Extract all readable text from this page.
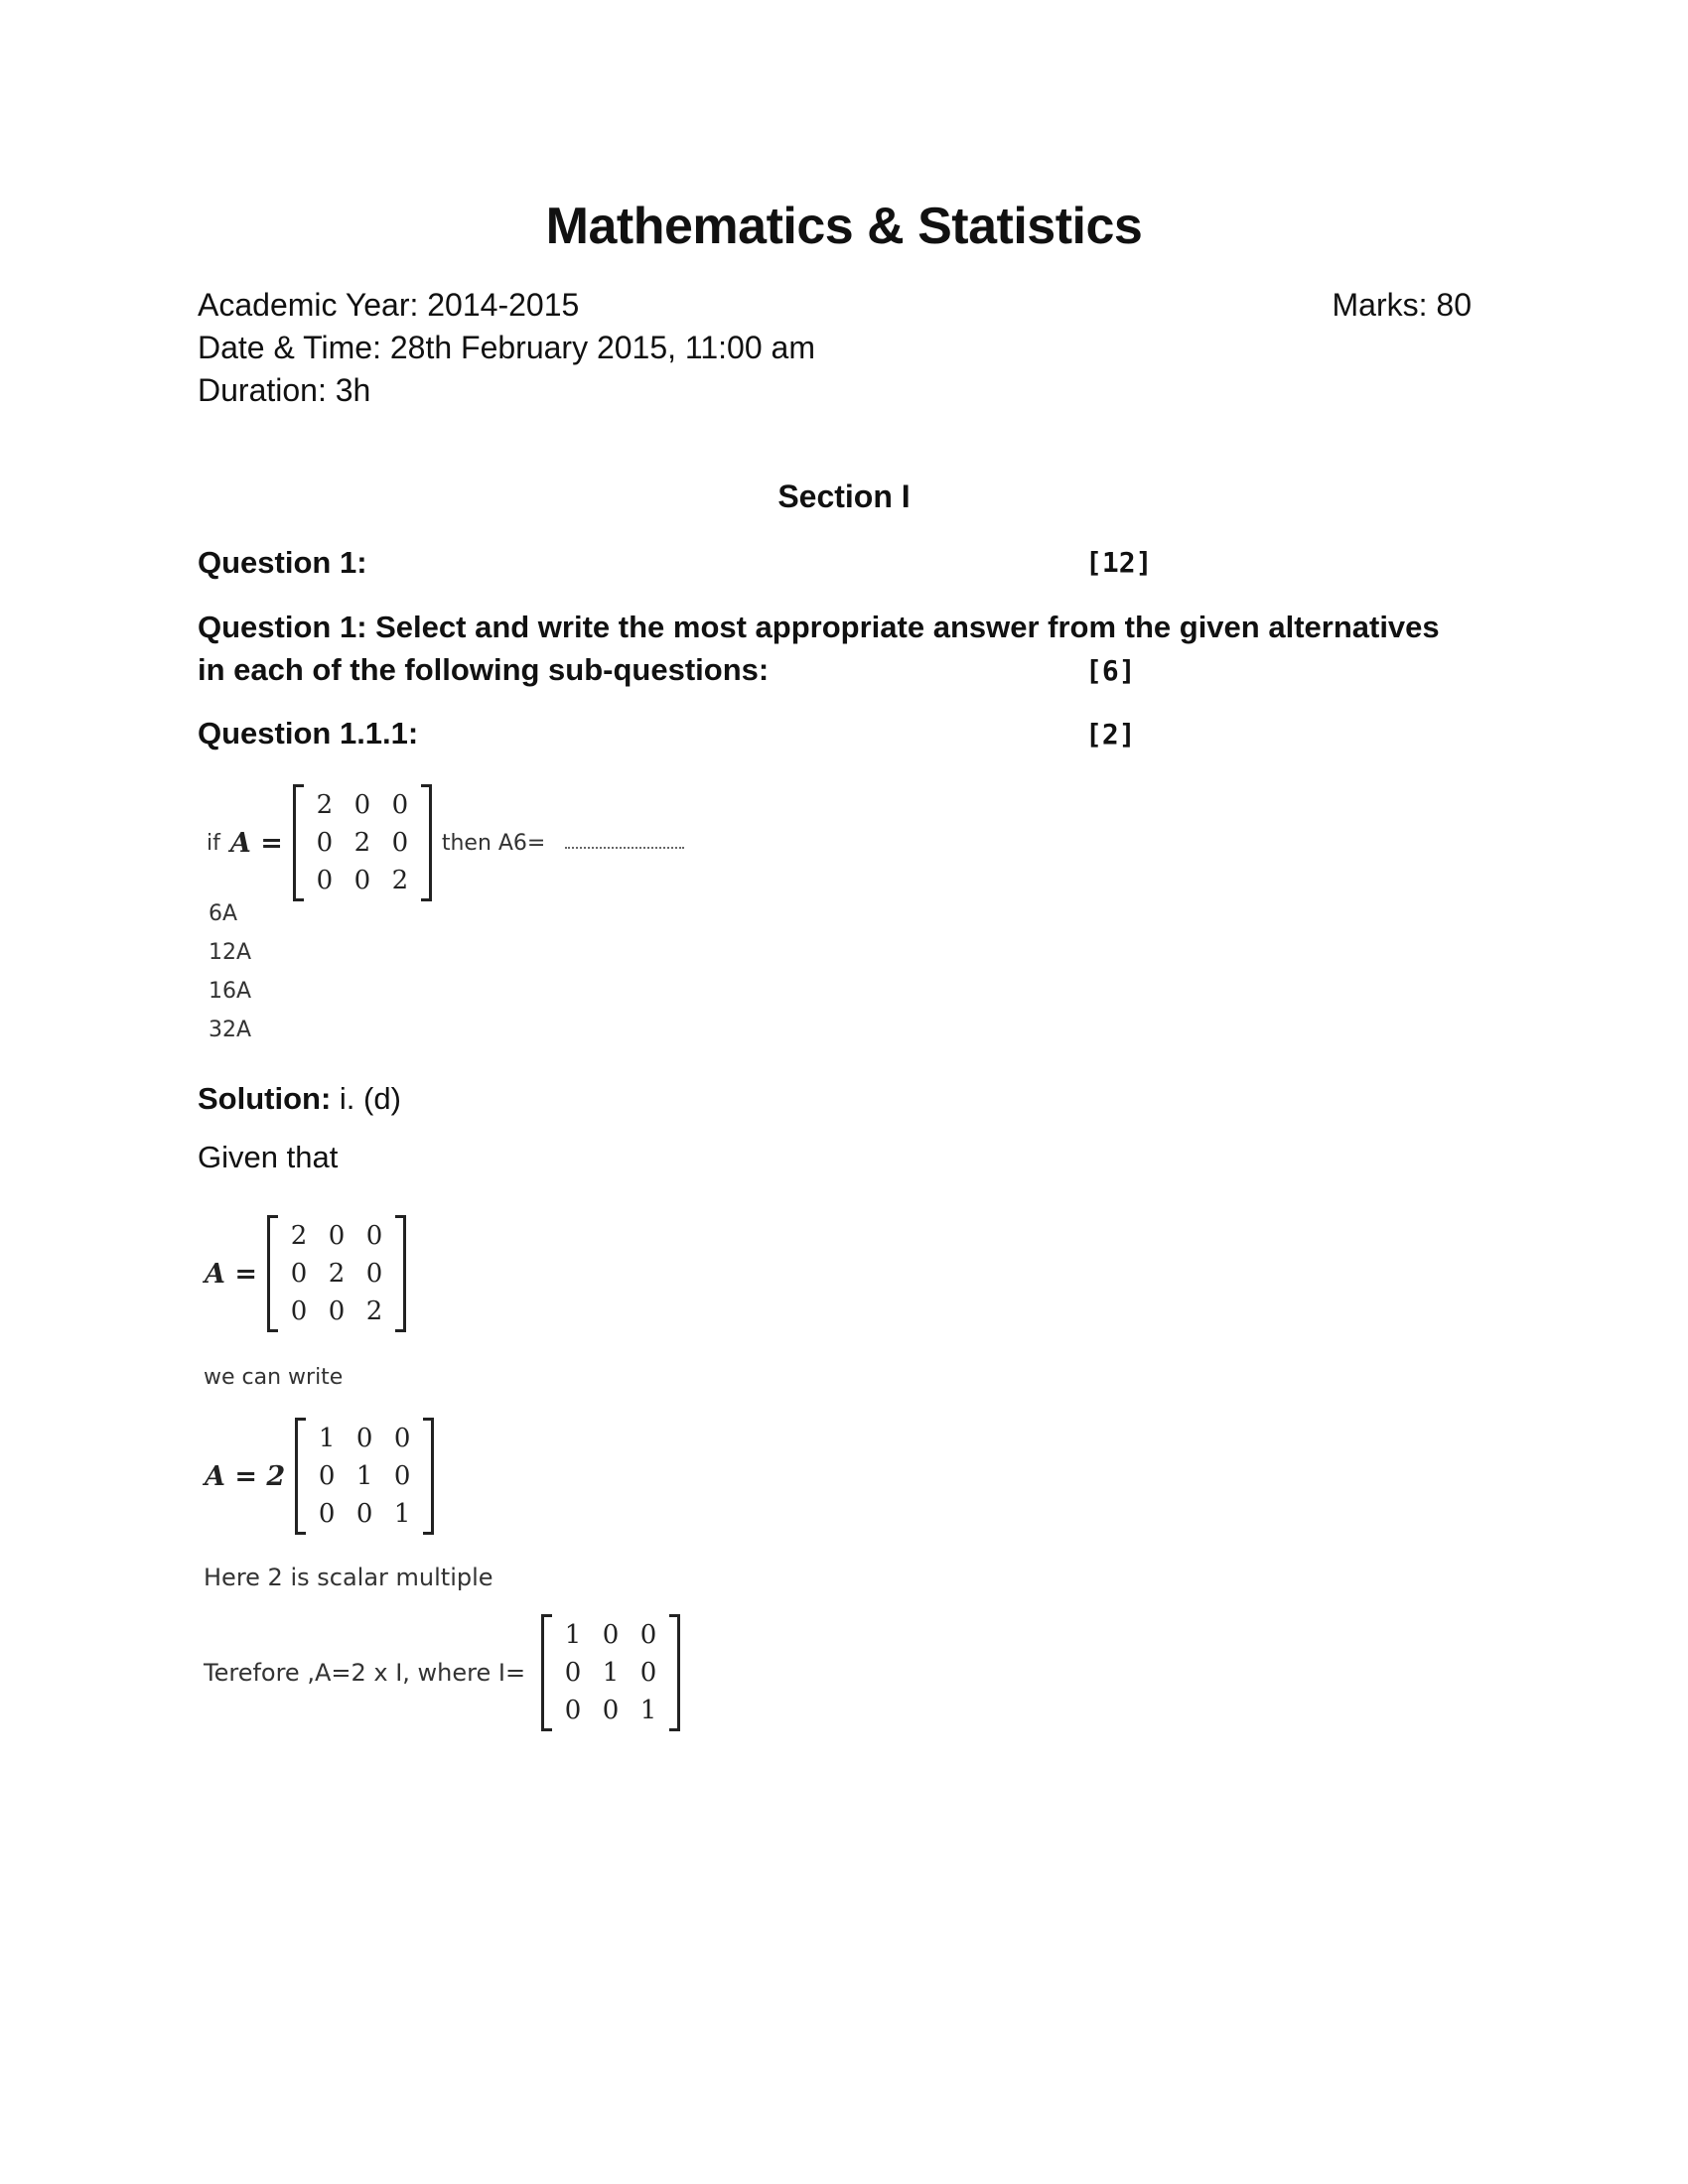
Mathematics & Statistics
Academic Year: 2014-2015
Date & Time: 28th February 2015, 11:00 am
Duration: 3h
Marks: 80
Section I
Question 1:	[12]
Question 1: Select and write the most appropriate answer from the given alternatives
in each of the following sub-questions:	[6]
Question 1.1.1:	[2]
if A =
2 0 0
0 2 0
0 0 2
then A6=
6A
12A
16A
32A
Solution: i. (d)
Given that
A =
2 0 0
0 2 0
0 0 2
we can write
A = 2
1 0 0
0 1 0
0 0 1
Here 2 is scalar multiple
Terefore ,A=2 x I, where I=
1 0 0
0 1 0
0 0 1
